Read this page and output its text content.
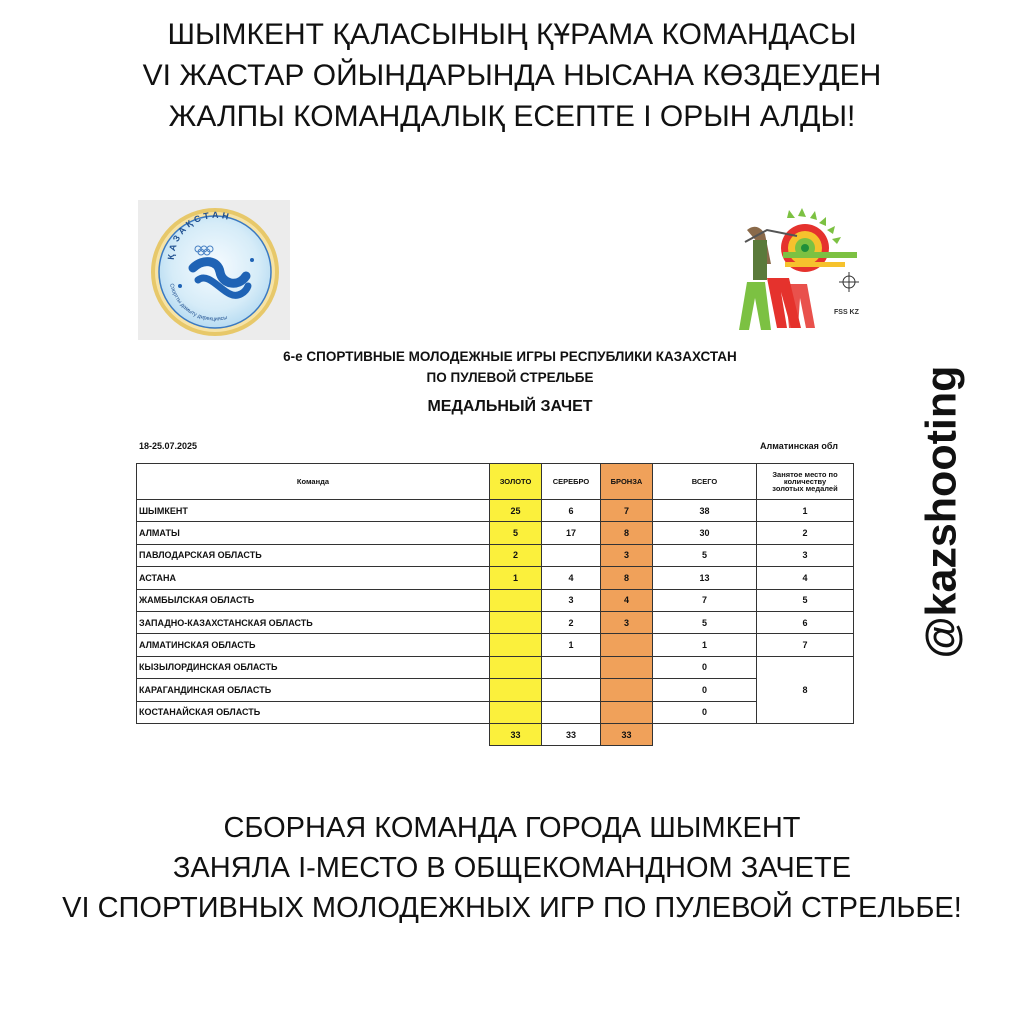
ШЫМКЕНТ ҚАЛАСЫНЫҢ ҚҰРАМА КОМАНДАСЫ
VI ЖАСТАР ОЙЫНДАРЫНДА НЫСАНА КӨЗДЕУДЕН
ЖАЛПЫ КОМАНДАЛЫҚ ЕСЕПТЕ І ОРЫН АЛДЫ!
ҚАЗАҚСТАН
Спортты дамыту дирекциясы
FSS KZ
6-е СПОРТИВНЫЕ МОЛОДЕЖНЫЕ ИГРЫ РЕСПУБЛИКИ КАЗАХСТАН
ПО ПУЛЕВОЙ СТРЕЛЬБЕ
МЕДАЛЬНЫЙ ЗАЧЕТ
18-25.07.2025	Алматинская обл
Команда	ЗОЛОТО	СЕРЕБРО	БРОНЗА	ВСЕГО	Занятое место по
количеству
золотых медалей
ШЫМКЕНТ	25	6	7	38	1
АЛМАТЫ	5	17	8	30	2
ПАВЛОДАРСКАЯ ОБЛАСТЬ	2		3	5	3
АСТАНА	1	4	8	13	4
ЖАМБЫЛСКАЯ ОБЛАСТЬ		3	4	7	5
ЗАПАДНО-КАЗАХСТАНСКАЯ ОБЛАСТЬ		2	3	5	6
АЛМАТИНСКАЯ ОБЛАСТЬ		1		1	7
КЫЗЫЛОРДИНСКАЯ ОБЛАСТЬ				0	8
КАРАГАНДИНСКАЯ ОБЛАСТЬ				0	
КОСТАНАЙСКАЯ ОБЛАСТЬ				0	
	33	33	33		
@kazshooting
СБОРНАЯ КОМАНДА ГОРОДА ШЫМКЕНТ
ЗАНЯЛА I-МЕСТО В ОБЩЕКОМАНДНОМ ЗАЧЕТЕ
VI СПОРТИВНЫХ МОЛОДЕЖНЫХ ИГР ПО ПУЛЕВОЙ СТРЕЛЬБЕ!
